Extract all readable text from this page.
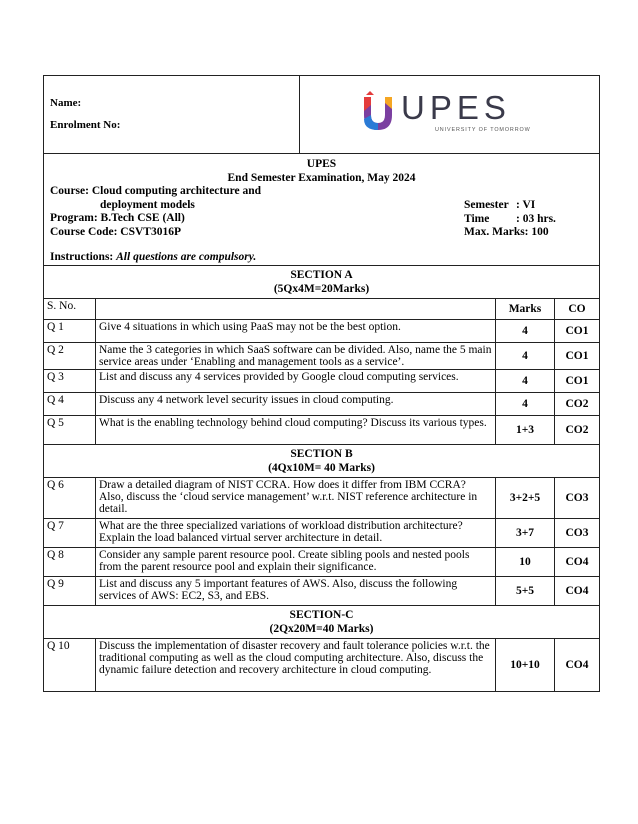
Name:
Enrolment No:	UPES
UNIVERSITY OF TOMORROW
UPES
End Semester Examination, May 2024
Course: Cloud computing architecture and
deployment models
Program: B.Tech CSE (All)
Course Code: CSVT3016P
Semester : VI
Time : 03 hrs.
Max. Marks: 100
Instructions: All questions are compulsory.
SECTION A
(5Qx4M=20Marks)
S. No.		Marks	CO
Q 1	Give 4 situations in which using PaaS may not be the best option.	4	CO1
Q 2	Name the 3 categories in which SaaS software can be divided. Also, name the 5 main service areas under ‘Enabling and management tools as a service’.	4	CO1
Q 3	List and discuss any 4 services provided by Google cloud computing services.	4	CO1
Q 4	Discuss any 4 network level security issues in cloud computing.	4	CO2
Q 5	What is the enabling technology behind cloud computing? Discuss its various types.	1+3	CO2
SECTION B
(4Qx10M= 40 Marks)
Q 6	Draw a detailed diagram of NIST CCRA. How does it differ from IBM CCRA? Also, discuss the ‘cloud service management’ w.r.t. NIST reference architecture in detail.	3+2+5	CO3
Q 7	What are the three specialized variations of workload distribution architecture? Explain the load balanced virtual server architecture in detail.	3+7	CO3
Q 8	Consider any sample parent resource pool. Create sibling pools and nested pools from the parent resource pool and explain their significance.	10	CO4
Q 9	List and discuss any 5 important features of AWS. Also, discuss the following services of AWS: EC2, S3, and EBS.	5+5	CO4
SECTION-C
(2Qx20M=40 Marks)
Q 10	Discuss the implementation of disaster recovery and fault tolerance policies w.r.t. the traditional computing as well as the cloud computing architecture. Also, discuss the dynamic failure detection and recovery architecture in cloud computing.	10+10	CO4
